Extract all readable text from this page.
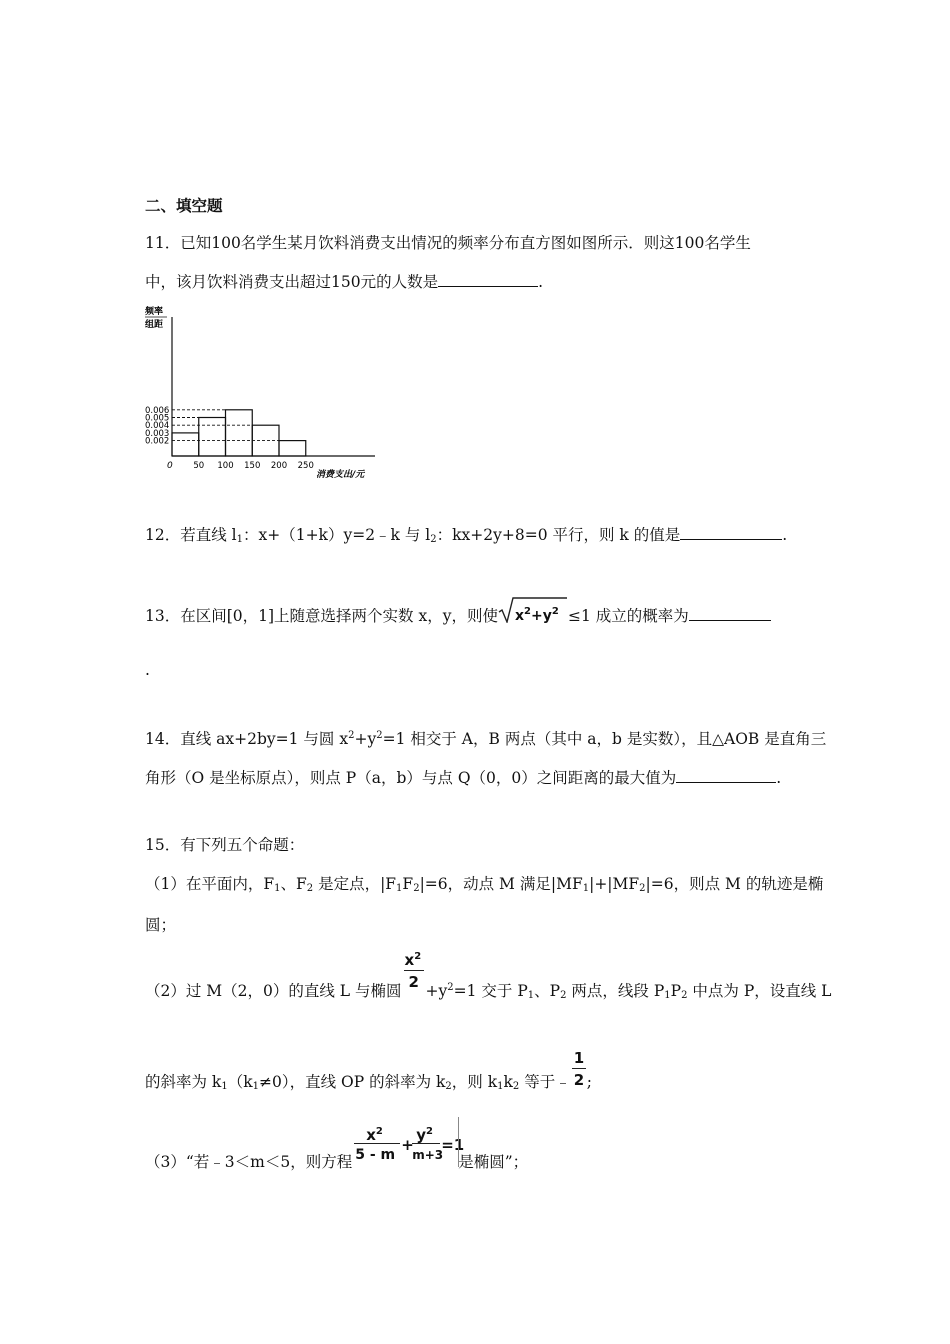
二、填空题
11．已知100名学生某月饮料消费支出情况的频率分布直方图如图所示．则这100名学生
中，该月饮料消费支出超过150元的人数是	.
频率
组距
0.006
0.005
0.004
0.003
0.002
50 100 150 200 250
0
消费支出/元
12．若直线 $l_1$：x+（1+k）y=2﹣k 与 $l_2$：kx+2y+8=0 平行，则 k 的值是	.
13．在区间[0，1]上随意选择两个实数 x，y，则使 $x^2+y^2 \le 1$ 成立的概率为
.
14．直线 ax+2by=1 与圆 $x^2+y^2=1$ 相交于 A，B 两点（其中 a，b 是实数），且△AOB 是直角三
角形（O 是坐标原点），则点 P（a，b）与点 Q（0，0）之间距离的最大值为	.
15．有下列五个命题：
（1）在平面内，$F_1$、$F_2$ 是定点，$|F_1F_2|=6$，动点 M 满足$|MF_1|+|MF_2|=6$，则点 M 的轨迹是椭
圆；
（2）过 M（2，0）的直线 L 与椭圆 $\frac{x^2}{2} +y^2=1$ 交于 $P_1$、$P_2$ 两点，线段 $P_1P_2$ 中点为 P，设直线 L
的斜率为 $k_1(k_1\ne 0)$，直线 OP 的斜率为 $k_2$，则 $k_1k_2$ 等于﹣ $\frac{1}{2}$ ;
（3）“若﹣3＜m＜5，则方程
$x^2$
5 - m
+
$y^2$
m+3
=1
是椭圆”；
